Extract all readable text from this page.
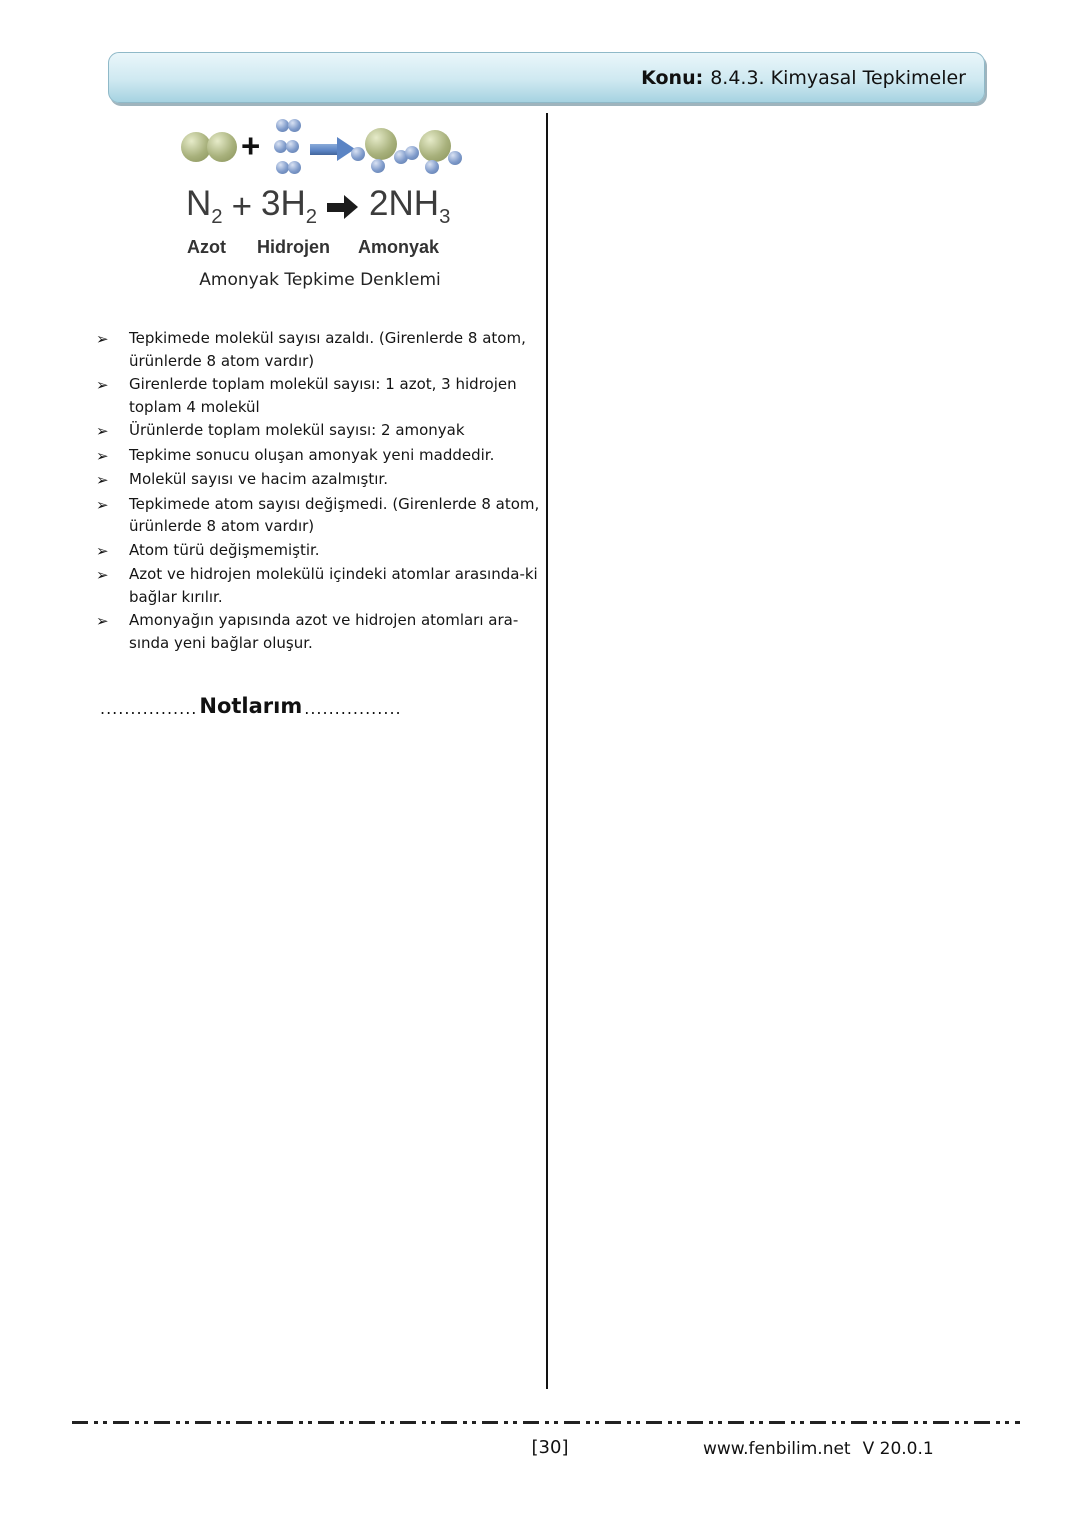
Konu: 8.4.3. Kimyasal Tepkimeler
+
$N_2 + 3H_2$ $2NH_3$
Azot Hidrojen Amonyak
Amonyak Tepkime Denklemi
➢	Tepkimede molekül sayısı azaldı. (Girenlerde 8 atom, ürünlerde 8 atom vardır)
➢	Girenlerde toplam molekül sayısı: 1 azot, 3 hidrojen toplam 4 molekül
➢	Ürünlerde toplam molekül sayısı: 2 amonyak
➢	Tepkime sonucu oluşan amonyak yeni maddedir.
➢	Molekül sayısı ve hacim azalmıştır.
➢	Tepkimede atom sayısı değişmedi. (Girenlerde 8 atom, ürünlerde 8 atom vardır)
➢	Atom türü değişmemiştir.
➢	Azot ve hidrojen molekülü içindeki atomlar arasında-ki bağlar kırılır.
➢	Amonyağın yapısında azot ve hidrojen atomları ara-sında yeni bağlar oluşur.
................ Notlarım ................
[30]	www.fenbilim.net V 20.0.1
